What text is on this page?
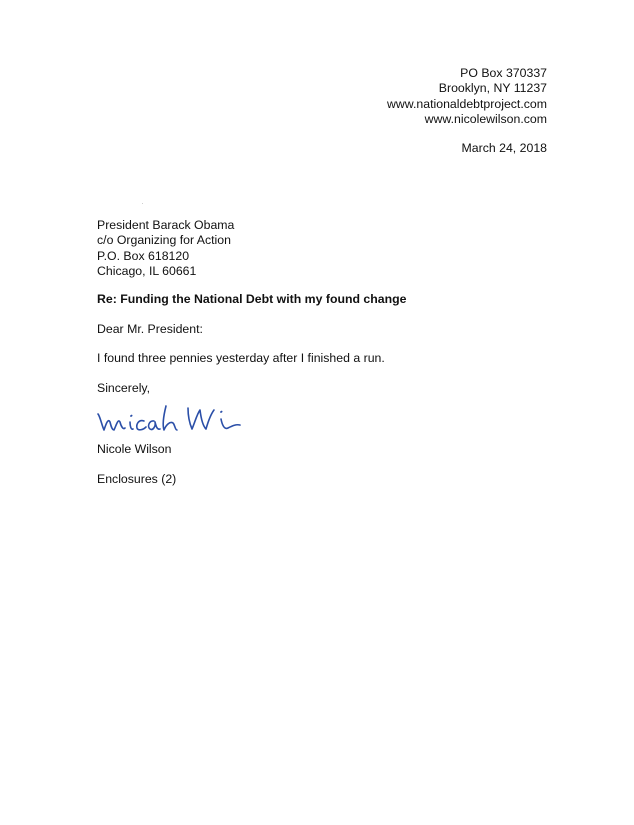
PO Box 370337
Brooklyn, NY 11237
www.nationaldebtproject.com
www.nicolewilson.com
March 24, 2018
President Barack Obama
c/o Organizing for Action
P.O. Box 618120
Chicago, IL 60661
Re: Funding the National Debt with my found change
Dear Mr. President:
I found three pennies yesterday after I finished a run.
Sincerely,
Nicole Wilson
Enclosures (2)
